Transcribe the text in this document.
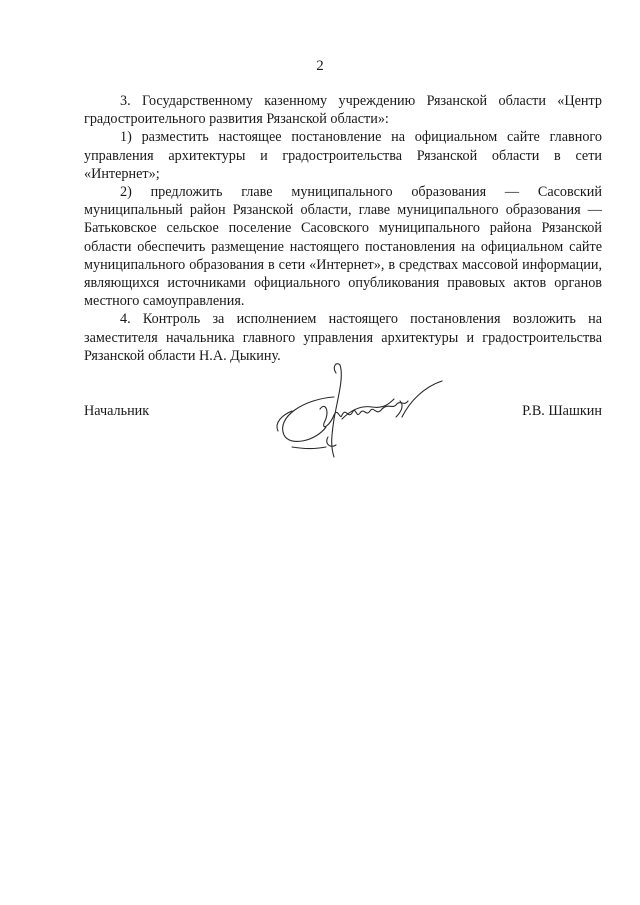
2

3. Государственному казенному учреждению Рязанской области «Центр градостроительного развития Рязанской области»:

1) разместить настоящее постановление на официальном сайте главного управления архитектуры и градостроительства Рязанской области в сети «Интернет»;

2) предложить главе муниципального образования — Сасовский муниципальный район Рязанской области, главе муниципального образования — Батьковское сельское поселение Сасовского муниципального района Рязанской области обеспечить размещение настоящего постановления на официальном сайте муниципального образования в сети «Интернет», в средствах массовой информации, являющихся источниками официального опубликования правовых актов органов местного самоуправления.

4. Контроль за исполнением настоящего постановления возложить на заместителя начальника главного управления архитектуры и градостроительства Рязанской области Н.А. Дыкину.

Начальник	Р.В. Шашкин
